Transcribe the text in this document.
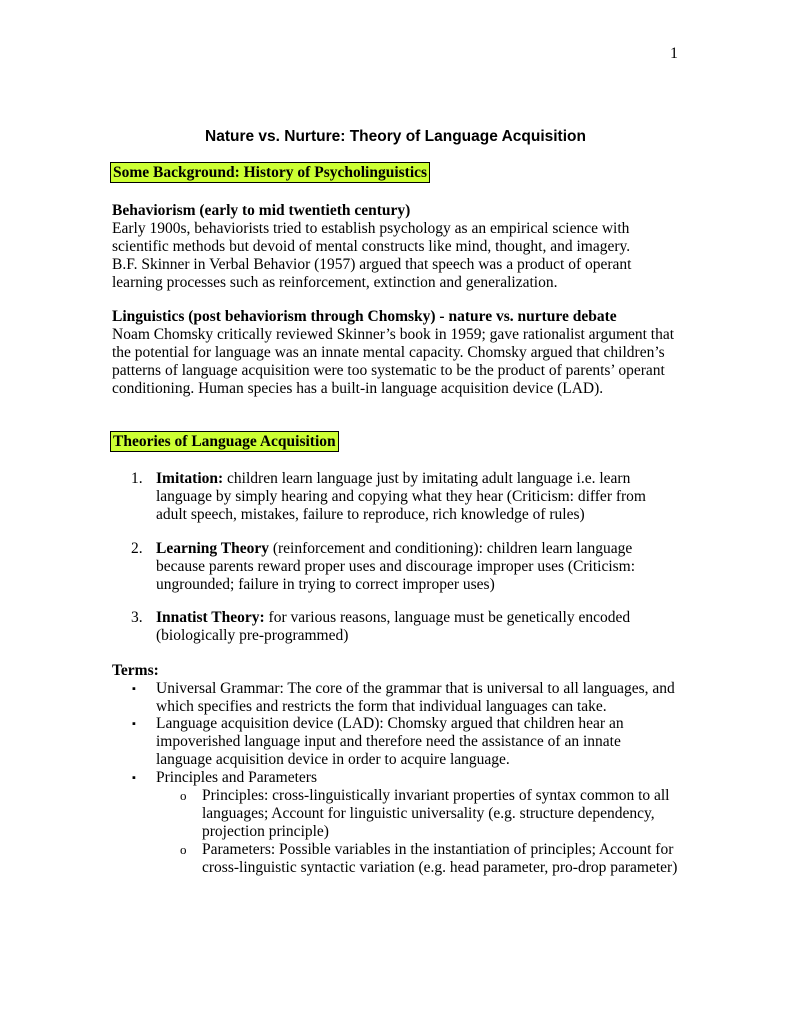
1
Nature vs. Nurture: Theory of Language Acquisition
Some Background: History of Psycholinguistics

Behaviorism (early to mid twentieth century)

Early 1900s, behaviorists tried to establish psychology as an empirical science with

scientific methods but devoid of mental constructs like mind, thought, and imagery.

B.F. Skinner in Verbal Behavior (1957) argued that speech was a product of operant

learning processes such as reinforcement, extinction and generalization.

Linguistics (post behaviorism through Chomsky) - nature vs. nurture debate

Noam Chomsky critically reviewed Skinner’s book in 1959; gave rationalist argument that

the potential for language was an innate mental capacity. Chomsky argued that children’s

patterns of language acquisition were too systematic to be the product of parents’ operant

conditioning. Human species has a built-in language acquisition device (LAD).

Theories of Language Acquisition
1. Imitation: children learn language just by imitating adult language i.e. learn
language by simply hearing and copying what they hear (Criticism: differ from
adult speech, mistakes, failure to reproduce, rich knowledge of rules)
2. Learning Theory (reinforcement and conditioning): children learn language
because parents reward proper uses and discourage improper uses (Criticism:
ungrounded; failure in trying to correct improper uses)
3. Innatist Theory: for various reasons, language must be genetically encoded
(biologically pre-programmed)
Terms:
▪ Universal Grammar: The core of the grammar that is universal to all languages, and
which specifies and restricts the form that individual languages can take.
▪ Language acquisition device (LAD): Chomsky argued that children hear an
impoverished language input and therefore need the assistance of an innate
language acquisition device in order to acquire language.
▪ Principles and Parameters
o Principles: cross-linguistically invariant properties of syntax common to all
languages; Account for linguistic universality (e.g. structure dependency,
projection principle)
o Parameters: Possible variables in the instantiation of principles; Account for
cross-linguistic syntactic variation (e.g. head parameter, pro-drop parameter)
